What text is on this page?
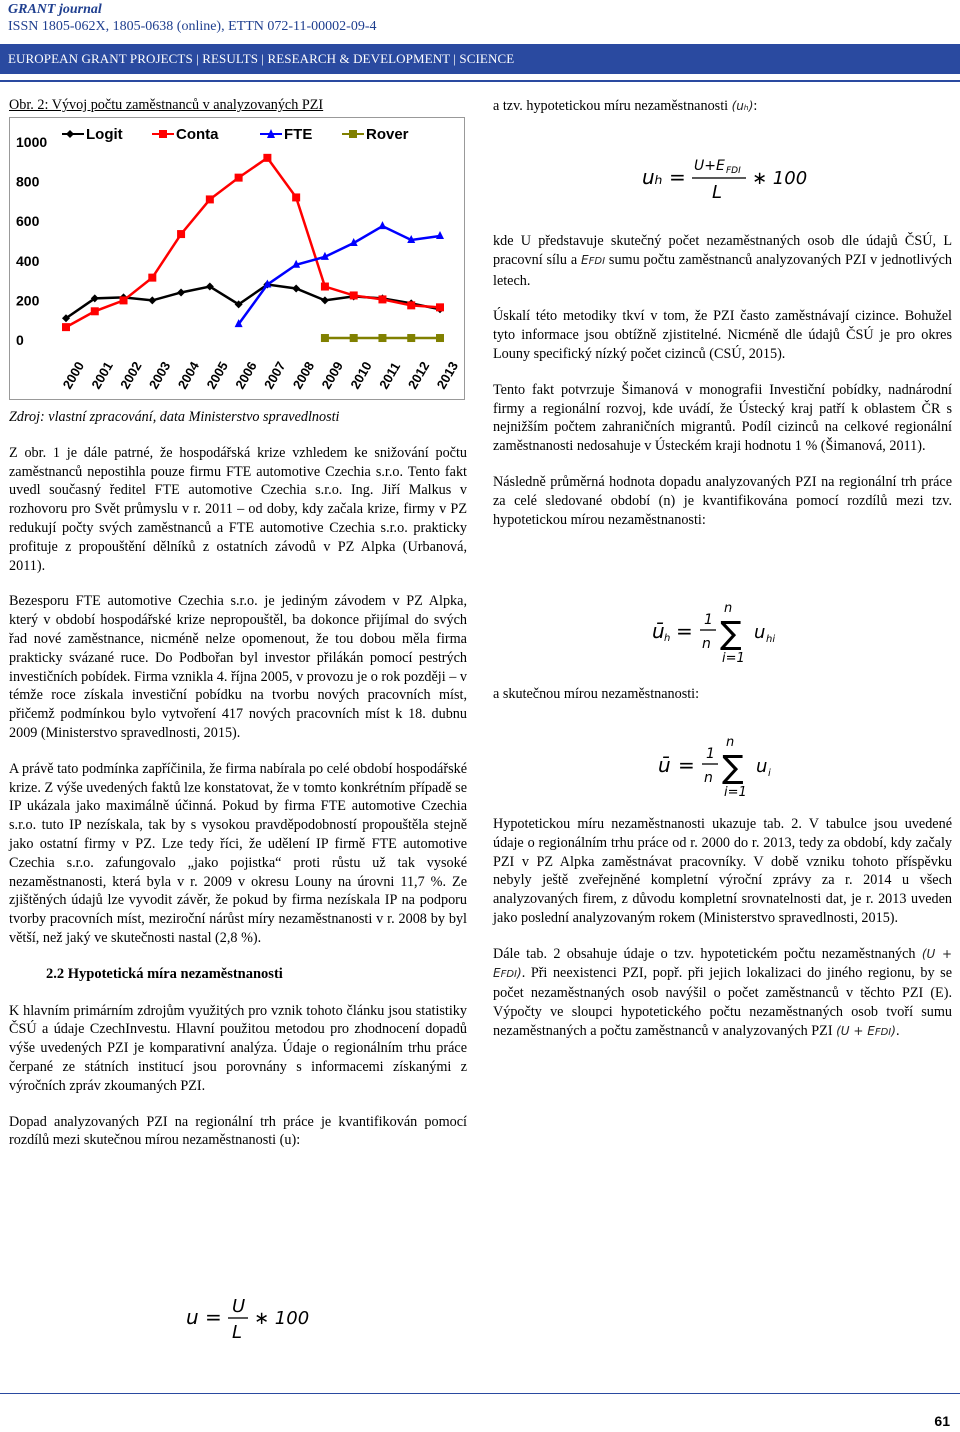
GRANT journal
ISSN 1805-062X, 1805-0638 (online), ETTN 072-11-00002-09-4
EUROPEAN GRANT PROJECTS | RESULTS | RESEARCH & DEVELOPMENT | SCIENCE
Obr. 2: Vývoj počtu zaměstnanců v analyzovaných PZI
0
200
400
600
800
1000
2000 2001 2002 2003 2004 2005 2006 2007 2008 2009 2010 2011 2012 2013
Logit	Conta	FTE	Rover

Zdroj: vlastní zpracování, data Ministerstvo spravedlnosti

Z obr. 1 je dále patrné, že hospodářská krize vzhledem ke snižování počtu zaměstnanců nepostihla pouze firmu FTE automotive Czechia s.r.o. Tento fakt uvedl současný ředitel FTE automotive Czechia s.r.o. Ing. Jiří Malkus v rozhovoru pro Svět průmyslu v r. 2011 – od doby, kdy začala krize, firmy v PZ redukují počty svých zaměstnanců a FTE automotive Czechia s.r.o. prakticky profituje z propouštění dělníků z ostatních závodů v PZ Alpka (Urbanová, 2011).

Bezesporu FTE automotive Czechia s.r.o. je jediným závodem v PZ Alpka, který v období hospodářské krize nepropouštěl, ba dokonce přijímal do svých řad nové zaměstnance, nicméně nelze opomenout, že tou dobou měla firma prakticky svázané ruce. Do Podbořan byl investor přilákán pomocí pestrých investičních pobídek. Firma vznikla 4. října 2005, v provozu je o rok později – v témže roce získala investiční pobídku na tvorbu nových pracovních míst, přičemž podmínkou bylo vytvoření 417 nových pracovních míst k 18. dubnu 2009 (Ministerstvo spravedlnosti, 2015).

A právě tato podmínka zapříčinila, že firma nabírala po celé období hospodářské krize. Z výše uvedených faktů lze konstatovat, že v tomto konkrétním případě se IP ukázala jako maximálně účinná. Pokud by firma FTE automotive Czechia s.r.o. tuto IP nezískala, tak by s vysokou pravděpodobností propouštěla stejně jako ostatní firmy v PZ. Lze tedy říci, že udělení IP firmě FTE automotive Czechia s.r.o. zafungovalo „jako pojistka“ proti růstu už tak vysoké nezaměstnanosti, která byla v r. 2009 v okresu Louny na úrovni 11,7 %. Ze zjištěných údajů lze vyvodit závěr, že pokud by firma nezískala IP na podporu tvorby pracovních míst, meziroční nárůst míry nezaměstnanosti v r. 2008 by byl větší, než jaký ve skutečnosti nastal (2,8 %).

2.2 Hypotetická míra nezaměstnanosti

K hlavním primárním zdrojům využitých pro vznik tohoto článku jsou statistiky ČSÚ a údaje CzechInvestu. Hlavní použitou metodou pro zhodnocení dopadů výše uvedených PZI je komparativní analýza. Údaje o regionálním trhu práce čerpané ze státních institucí jsou porovnány s informacemi získanými z výročních zpráv zkoumaných PZI.

Dopad analyzovaných PZI na regionální trh práce je kvantifikován pomocí rozdílů mezi skutečnou mírou nezaměstnanosti (u):

u = U
L
∗ 100
a tzv. hypotetickou míru nezaměstnanosti (uₕ):
uₕ = U+E FDI
L
∗ 100

kde U představuje skutečný počet nezaměstnaných osob dle údajů ČSÚ, L pracovní sílu a EFDI sumu počtu zaměstnanců analyzovaných PZI v jednotlivých letech.

Úskalí této metodiky tkví v tom, že PZI často zaměstnávají cizince. Bohužel tyto informace jsou obtížně zjistitelné. Nicméně dle údajů ČSÚ je pro okres Louny specifický nízký počet cizinců (CSÚ, 2015).

Tento fakt potvrzuje Šimanová v monografii Investiční pobídky, nadnárodní firmy a regionální rozvoj, kde uvádí, že Ústecký kraj patří k oblastem ČR s nejnižším počtem zahraničních migrantů. Podíl cizinců na celkové regionální zaměstnanosti nedosahuje v Ústeckém kraji hodnotu 1 % (Šimanová, 2011).

Následně průměrná hodnota dopadu analyzovaných PZI na regionální trh práce za celé sledované období (n) je kvantifikována pomocí rozdílů mezi tzv. hypotetickou mírou nezaměstnanosti:

ū h = 1
n
n
∑
i=1
u hi

a skutečnou mírou nezaměstnanosti:

ū = 1
n
n
∑
i=1
u i

Hypotetickou míru nezaměstnanosti ukazuje tab. 2. V tabulce jsou uvedené údaje o regionálním trhu práce od r. 2000 do r. 2013, tedy za období, kdy začaly PZI v PZ Alpka zaměstnávat pracovníky. V době vzniku tohoto příspěvku nebyly ještě zveřejněné kompletní výroční zprávy za r. 2014 u všech analyzovaných firem, z důvodu kompletní srovnatelnosti dat, je r. 2013 uveden jako poslední analyzovaným rokem (Ministerstvo spravedlnosti, 2015).

Dále tab. 2 obsahuje údaje o tzv. hypotetickém počtu nezaměstnaných (U + EFDI). Při neexistenci PZI, popř. při jejich lokalizaci do jiného regionu, by se počet nezaměstnaných osob navýšil o počet zaměstnanců v těchto PZI (E). Výpočty ve sloupci hypotetického počtu nezaměstnaných osob tvoří sumu nezaměstnaných a počtu zaměstnanců v analyzovaných PZI (U + EFDI).

61
